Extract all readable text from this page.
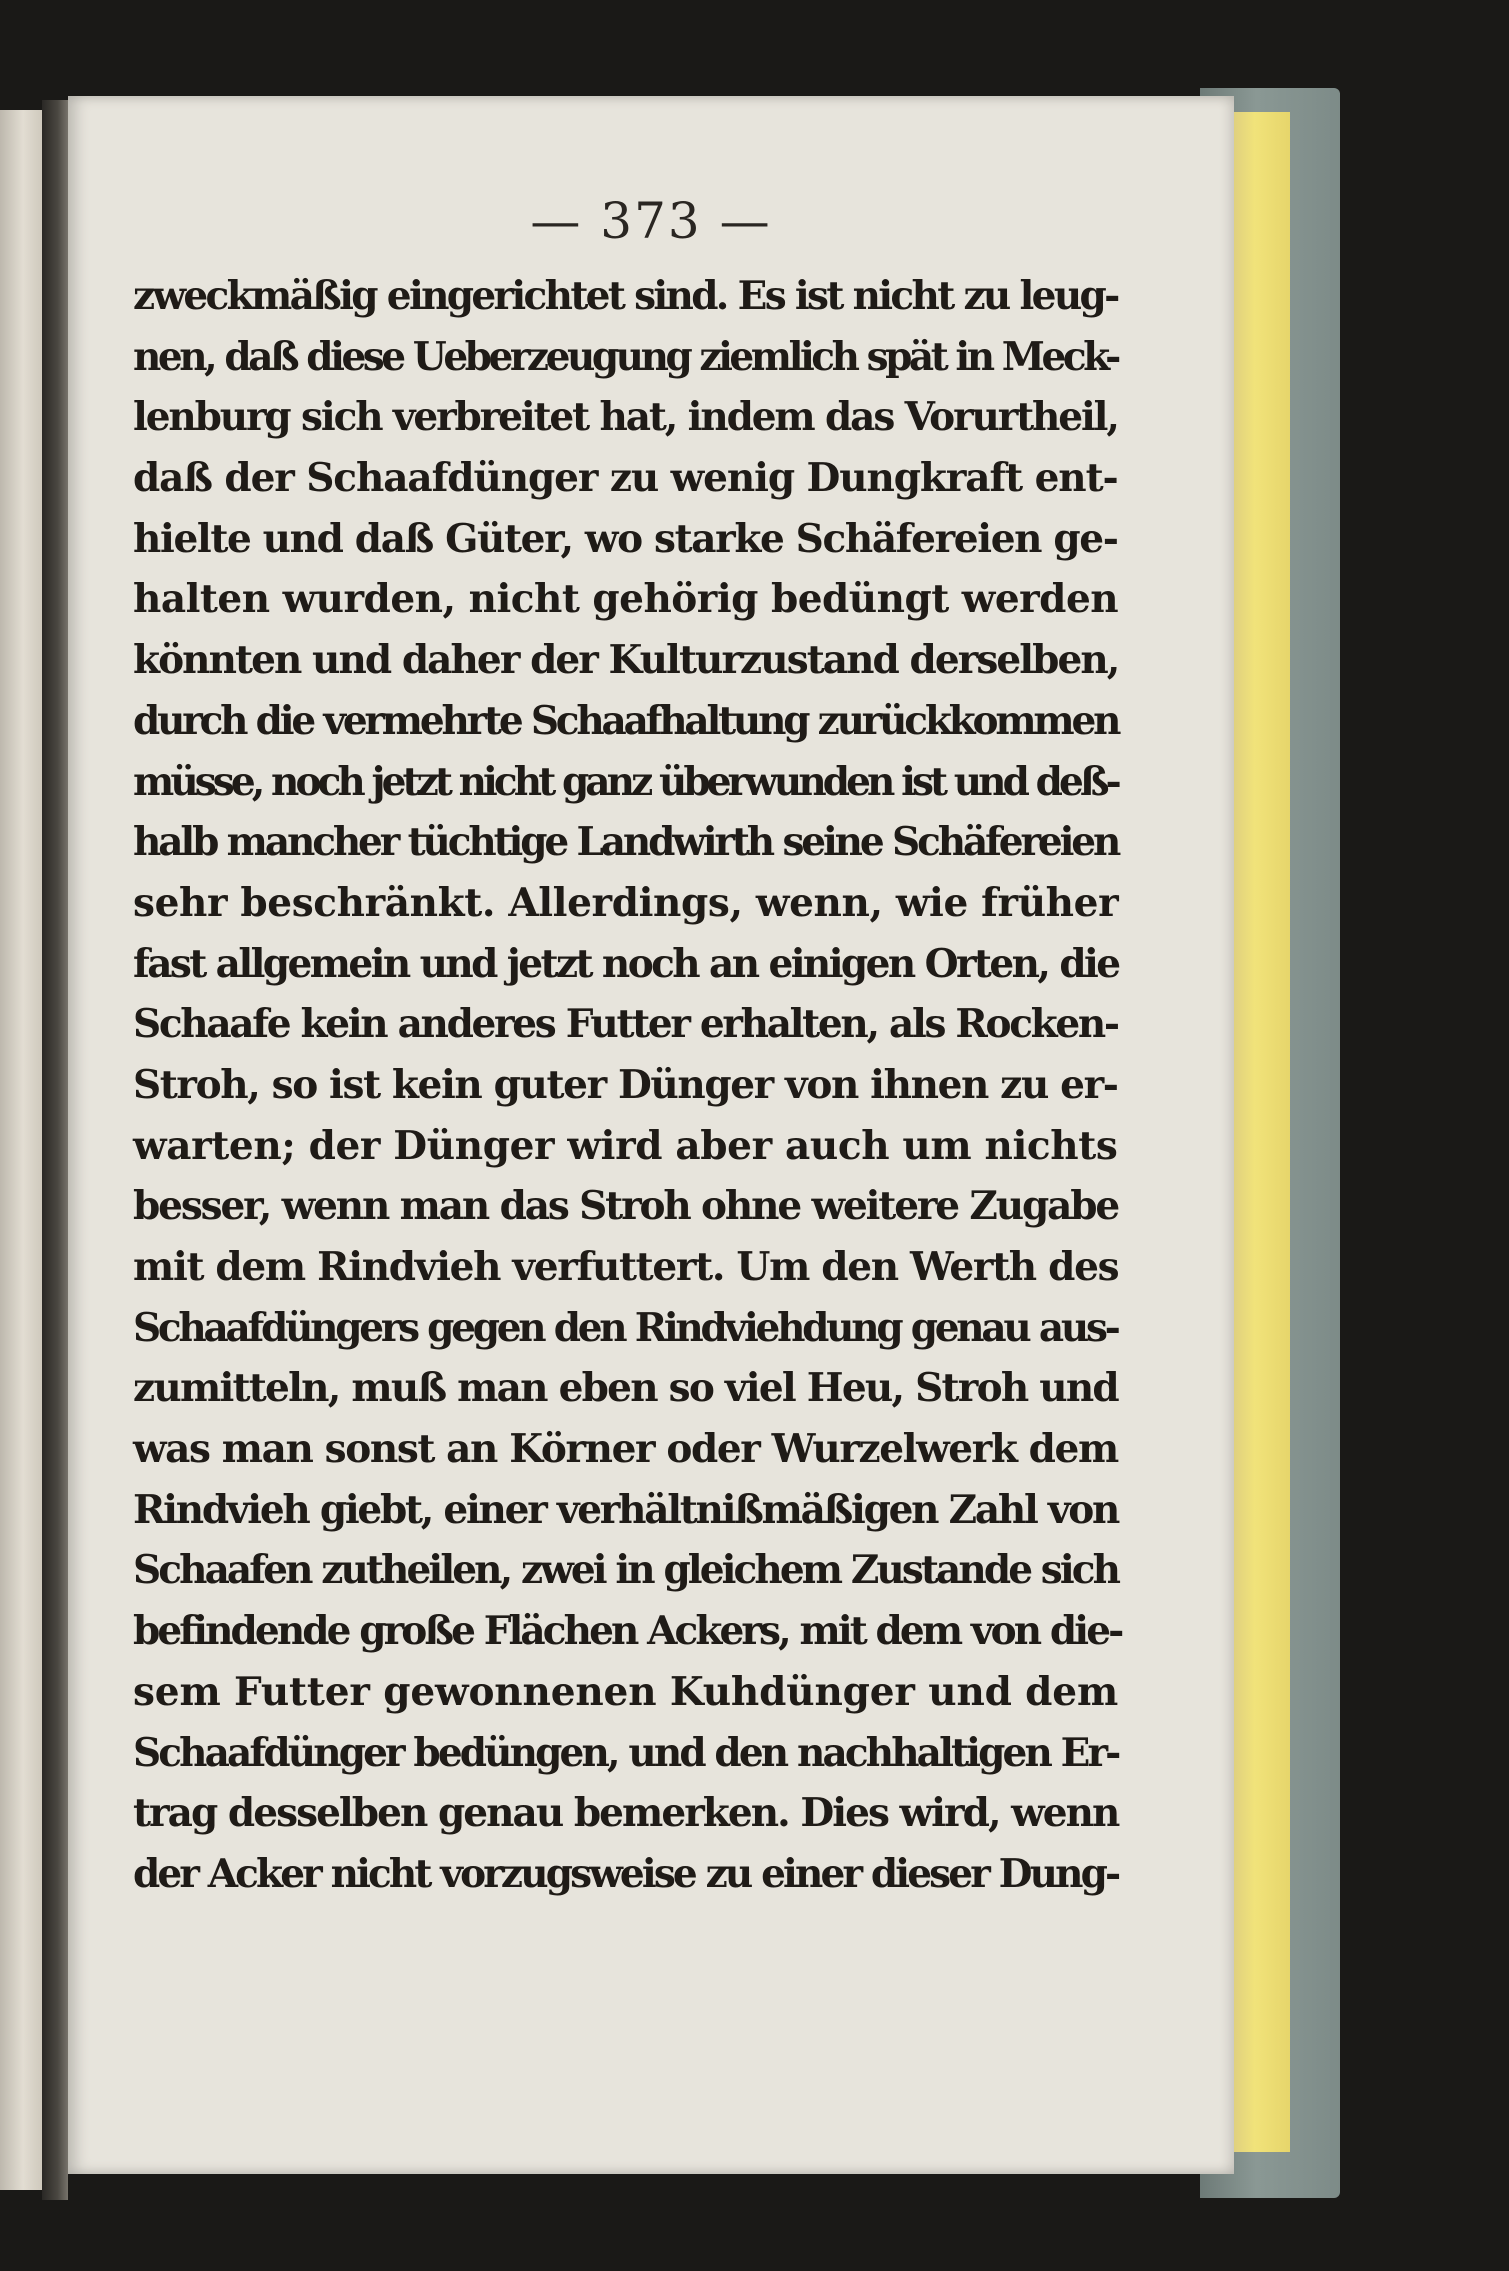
— 373 —
zweckmäßig eingerichtet sind. Es ist nicht zu leug-
nen, daß diese Ueberzeugung ziemlich spät in Meck-
lenburg sich verbreitet hat, indem das Vorurtheil,
daß der Schaafdünger zu wenig Dungkraft ent-
hielte und daß Güter, wo starke Schäfereien ge-
halten wurden, nicht gehörig bedüngt werden
könnten und daher der Kulturzustand derselben,
durch die vermehrte Schaafhaltung zurückkommen
müsse, noch jetzt nicht ganz überwunden ist und deß-
halb mancher tüchtige Landwirth seine Schäfereien
sehr beschränkt. Allerdings, wenn, wie früher
fast allgemein und jetzt noch an einigen Orten, die
Schaafe kein anderes Futter erhalten, als Rocken-
Stroh, so ist kein guter Dünger von ihnen zu er-
warten; der Dünger wird aber auch um nichts
besser, wenn man das Stroh ohne weitere Zugabe
mit dem Rindvieh verfuttert. Um den Werth des
Schaafdüngers gegen den Rindviehdung genau aus-
zumitteln, muß man eben so viel Heu, Stroh und
was man sonst an Körner oder Wurzelwerk dem
Rindvieh giebt, einer verhältnißmäßigen Zahl von
Schaafen zutheilen, zwei in gleichem Zustande sich
befindende große Flächen Ackers, mit dem von die-
sem Futter gewonnenen Kuhdünger und dem
Schaafdünger bedüngen, und den nachhaltigen Er-
trag desselben genau bemerken. Dies wird, wenn
der Acker nicht vorzugsweise zu einer dieser Dung-
